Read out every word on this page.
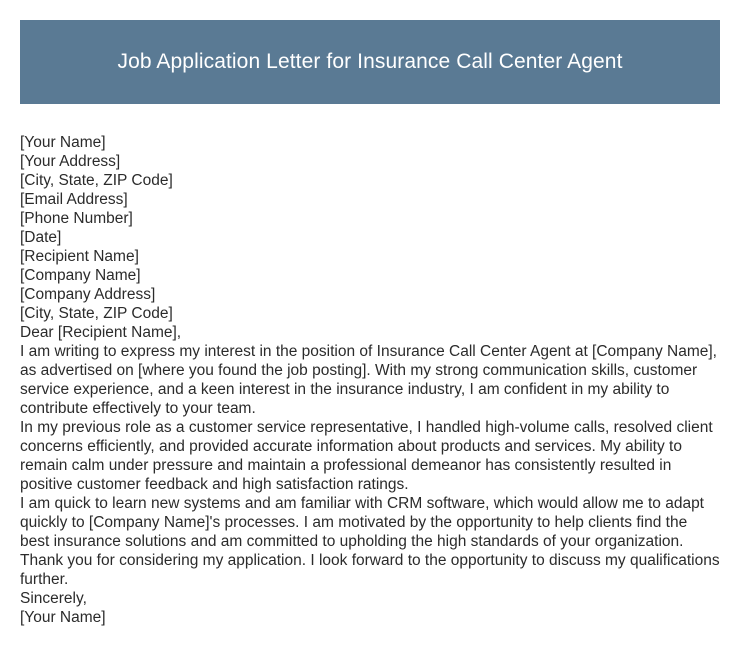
Job Application Letter for Insurance Call Center Agent

[Your Name]

[Your Address]

[City, State, ZIP Code]

[Email Address]

[Phone Number]

[Date]

[Recipient Name]

[Company Name]

[Company Address]

[City, State, ZIP Code]

Dear [Recipient Name],

I am writing to express my interest in the position of Insurance Call Center Agent at [Company Name], as advertised on [where you found the job posting]. With my strong communication skills, customer service experience, and a keen interest in the insurance industry, I am confident in my ability to contribute effectively to your team.

In my previous role as a customer service representative, I handled high-volume calls, resolved client concerns efficiently, and provided accurate information about products and services. My ability to remain calm under pressure and maintain a professional demeanor has consistently resulted in positive customer feedback and high satisfaction ratings.

I am quick to learn new systems and am familiar with CRM software, which would allow me to adapt quickly to [Company Name]'s processes. I am motivated by the opportunity to help clients find the best insurance solutions and am committed to upholding the high standards of your organization.

Thank you for considering my application. I look forward to the opportunity to discuss my qualifications further.

Sincerely,

[Your Name]
